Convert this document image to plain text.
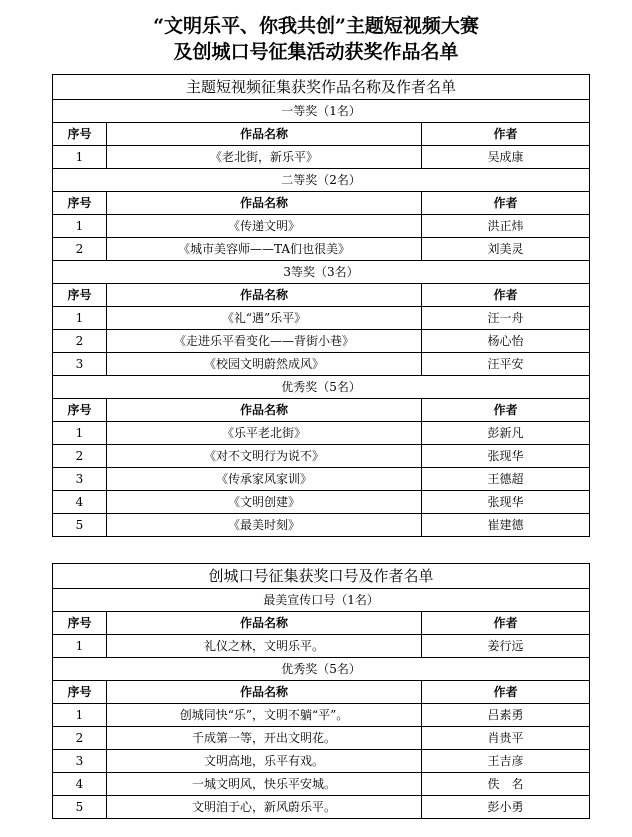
“文明乐平、你我共创”主题短视频大赛
及创城口号征集活动获奖作品名单
主题短视频征集获奖作品名称及作者名单		
一等奖（1名）		
序号	作品名称	作者
1	《老北街，新乐平》	吴成康
二等奖（2名）		
序号	作品名称	作者
1	《传递文明》	洪正炜
2	《城市美容师——TA们也很美》	刘美灵
3等奖（3名）		
序号	作品名称	作者
1	《礼“遇”乐平》	汪一舟
2	《走进乐平看变化——背街小巷》	杨心怡
3	《校园文明蔚然成风》	汪平安
优秀奖（5名）		
序号	作品名称	作者
1	《乐平老北街》	彭新凡
2	《对不文明行为说不》	张现华
3	《传承家风家训》	王德超
4	《文明创建》	张现华
5	《最美时刻》	崔建德
创城口号征集获奖口号及作者名单		
最美宣传口号（1名）		
序号	作品名称	作者
1	礼仪之林，文明乐平。	姜行远
优秀奖（5名）		
序号	作品名称	作者
1	创城同快“乐”，文明不躺“平”。	吕素勇
2	千成第一等，开出文明花。	肖贵平
3	文明高地，乐平有戏。	王吉彦
4	一城文明风，快乐平安城。	佚　名
5	文明洎于心，新风蔚乐平。	彭小勇
